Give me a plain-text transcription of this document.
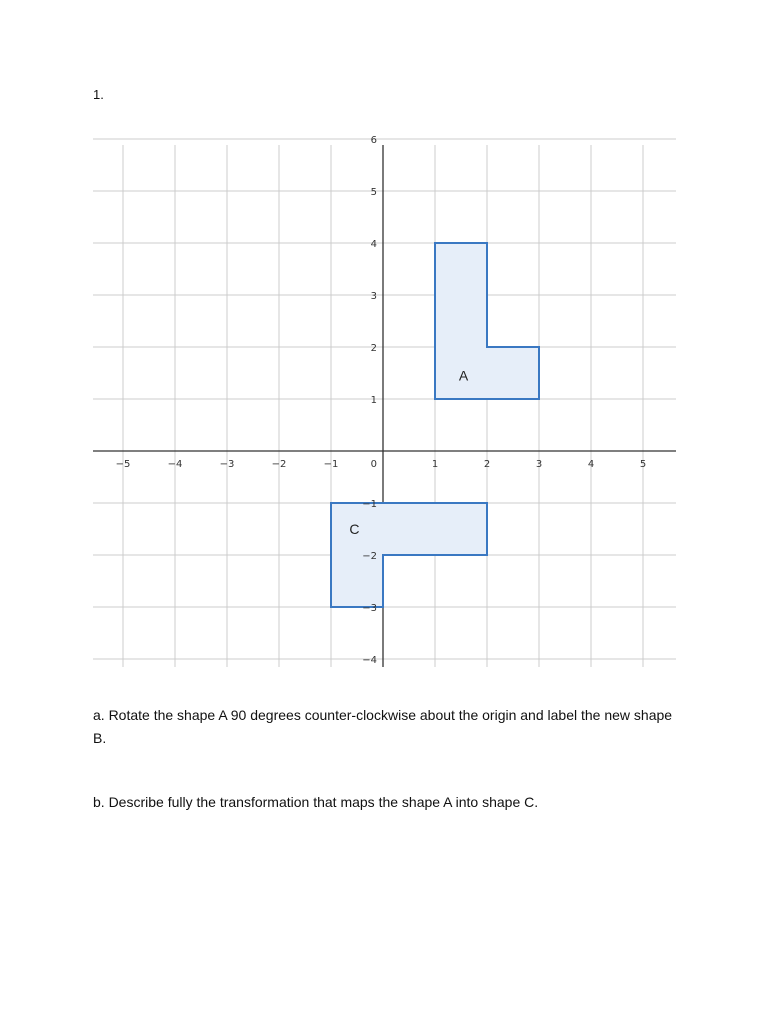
1.
A
C
−5	−4	−3	−2	−1	1	2	3	4	5
6
5
4
3
2
1
−1
−2
−3
−4
0
a. Rotate the shape A 90 degrees counter-clockwise about the origin and label the new shape B.
b. Describe fully the transformation that maps the shape A into shape C.
